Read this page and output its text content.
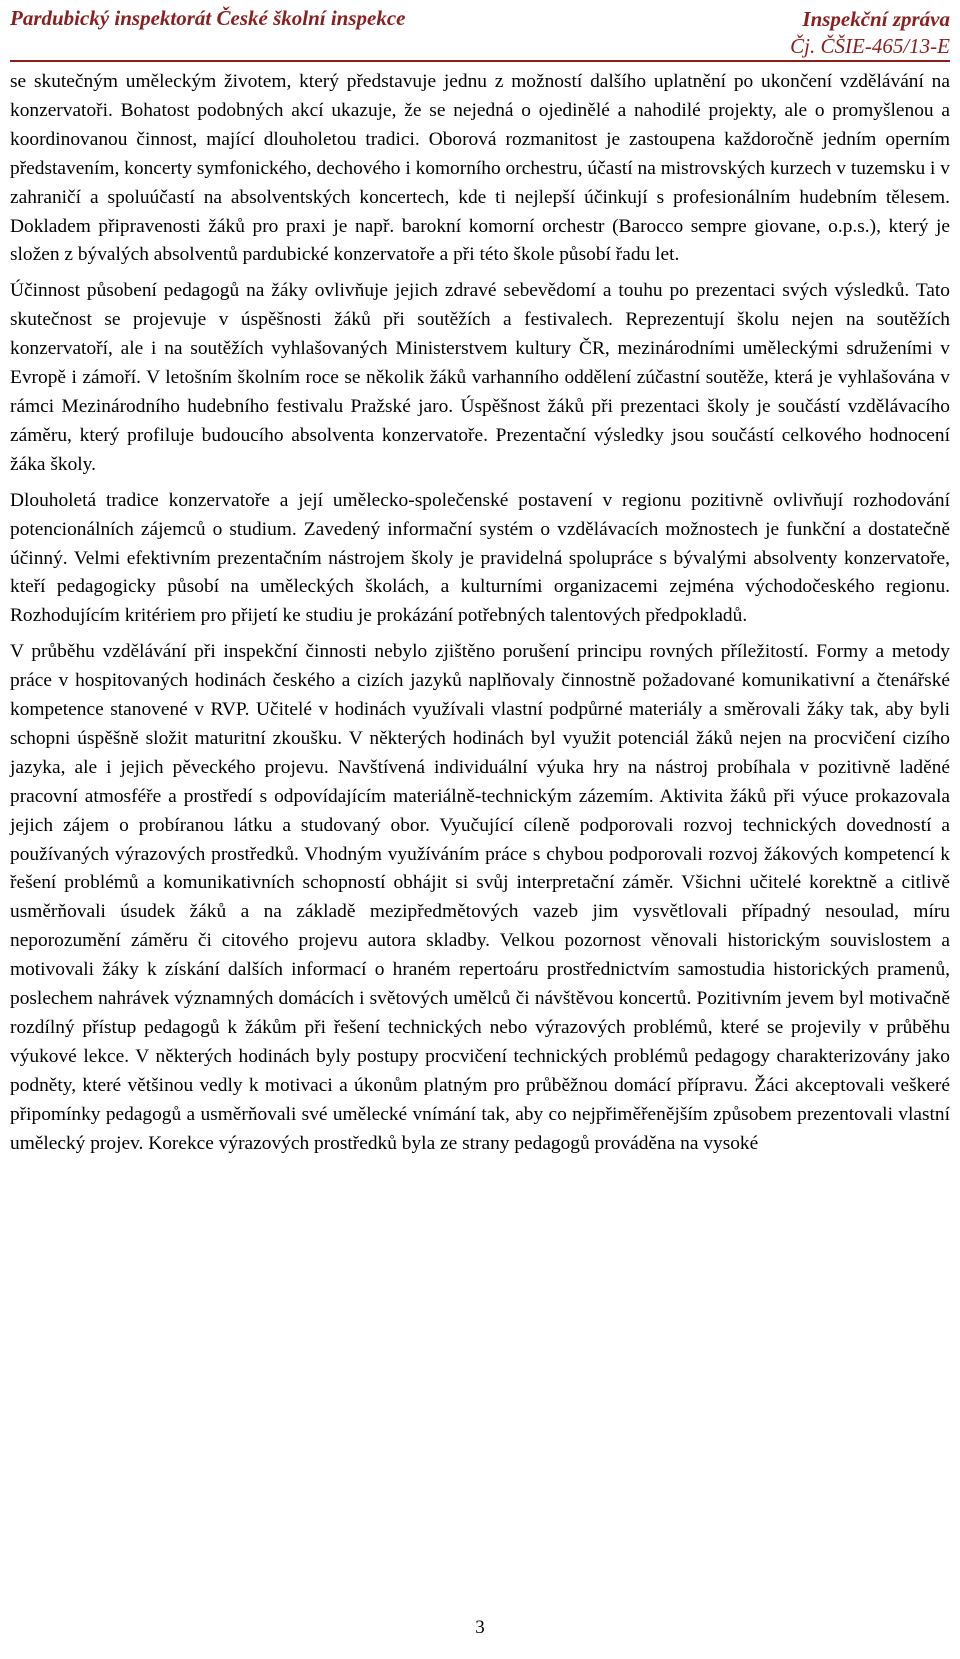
Pardubický inspektorát České školní inspekce	Inspekční zpráva
Čj. ČŠIE-465/13-E

se skutečným uměleckým životem, který představuje jednu z možností dalšího uplatnění po ukončení vzdělávání na konzervatoři. Bohatost podobných akcí ukazuje, že se nejedná o ojedinělé a nahodilé projekty, ale o promyšlenou a koordinovanou činnost, mající dlouholetou tradici. Oborová rozmanitost je zastoupena každoročně jedním operním představením, koncerty symfonického, dechového i komorního orchestru, účastí na mistrovských kurzech v tuzemsku i v zahraničí a spoluúčastí na absolventských koncertech, kde ti nejlepší účinkují s profesionálním hudebním tělesem. Dokladem připravenosti žáků pro praxi je např. barokní komorní orchestr (Barocco sempre giovane, o.p.s.), který je složen z bývalých absolventů pardubické konzervatoře a při této škole působí řadu let.

Účinnost působení pedagogů na žáky ovlivňuje jejich zdravé sebevědomí a touhu po prezentaci svých výsledků. Tato skutečnost se projevuje v úspěšnosti žáků při soutěžích a festivalech. Reprezentují školu nejen na soutěžích konzervatoří, ale i na soutěžích vyhlašovaných Ministerstvem kultury ČR, mezinárodními uměleckými sdruženími v Evropě i zámoří. V letošním školním roce se několik žáků varhanního oddělení zúčastní soutěže, která je vyhlašována v rámci Mezinárodního hudebního festivalu Pražské jaro. Úspěšnost žáků při prezentaci školy je součástí vzdělávacího záměru, který profiluje budoucího absolventa konzervatoře. Prezentační výsledky jsou součástí celkového hodnocení žáka školy.

Dlouholetá tradice konzervatoře a její umělecko-společenské postavení v regionu pozitivně ovlivňují rozhodování potencionálních zájemců o studium. Zavedený informační systém o vzdělávacích možnostech je funkční a dostatečně účinný. Velmi efektivním prezentačním nástrojem školy je pravidelná spolupráce s bývalými absolventy konzervatoře, kteří pedagogicky působí na uměleckých školách, a kulturními organizacemi zejména východočeského regionu. Rozhodujícím kritériem pro přijetí ke studiu je prokázání potřebných talentových předpokladů.

V průběhu vzdělávání při inspekční činnosti nebylo zjištěno porušení principu rovných příležitostí. Formy a metody práce v hospitovaných hodinách českého a cizích jazyků naplňovaly činnostně požadované komunikativní a čtenářské kompetence stanovené v RVP. Učitelé v hodinách využívali vlastní podpůrné materiály a směrovali žáky tak, aby byli schopni úspěšně složit maturitní zkoušku. V některých hodinách byl využit potenciál žáků nejen na procvičení cizího jazyka, ale i jejich pěveckého projevu. Navštívená individuální výuka hry na nástroj probíhala v pozitivně laděné pracovní atmosféře a prostředí s odpovídajícím materiálně-technickým zázemím. Aktivita žáků při výuce prokazovala jejich zájem o probíranou látku a studovaný obor. Vyučující cíleně podporovali rozvoj technických dovedností a používaných výrazových prostředků. Vhodným využíváním práce s chybou podporovali rozvoj žákových kompetencí k řešení problémů a komunikativních schopností obhájit si svůj interpretační záměr. Všichni učitelé korektně a citlivě usměrňovali úsudek žáků a na základě mezipředmětových vazeb jim vysvětlovali případný nesoulad, míru neporozumění záměru či citového projevu autora skladby. Velkou pozornost věnovali historickým souvislostem a motivovali žáky k získání dalších informací o hraném repertoáru prostřednictvím samostudia historických pramenů, poslechem nahrávek významných domácích i světových umělců či návštěvou koncertů. Pozitivním jevem byl motivačně rozdílný přístup pedagogů k žákům při řešení technických nebo výrazových problémů, které se projevily v průběhu výukové lekce. V některých hodinách byly postupy procvičení technických problémů pedagogy charakterizovány jako podněty, které většinou vedly k motivaci a úkonům platným pro průběžnou domácí přípravu. Žáci akceptovali veškeré připomínky pedagogů a usměrňovali své umělecké vnímání tak, aby co nejpřiměřenějším způsobem prezentovali vlastní umělecký projev. Korekce výrazových prostředků byla ze strany pedagogů prováděna na vysoké

3
